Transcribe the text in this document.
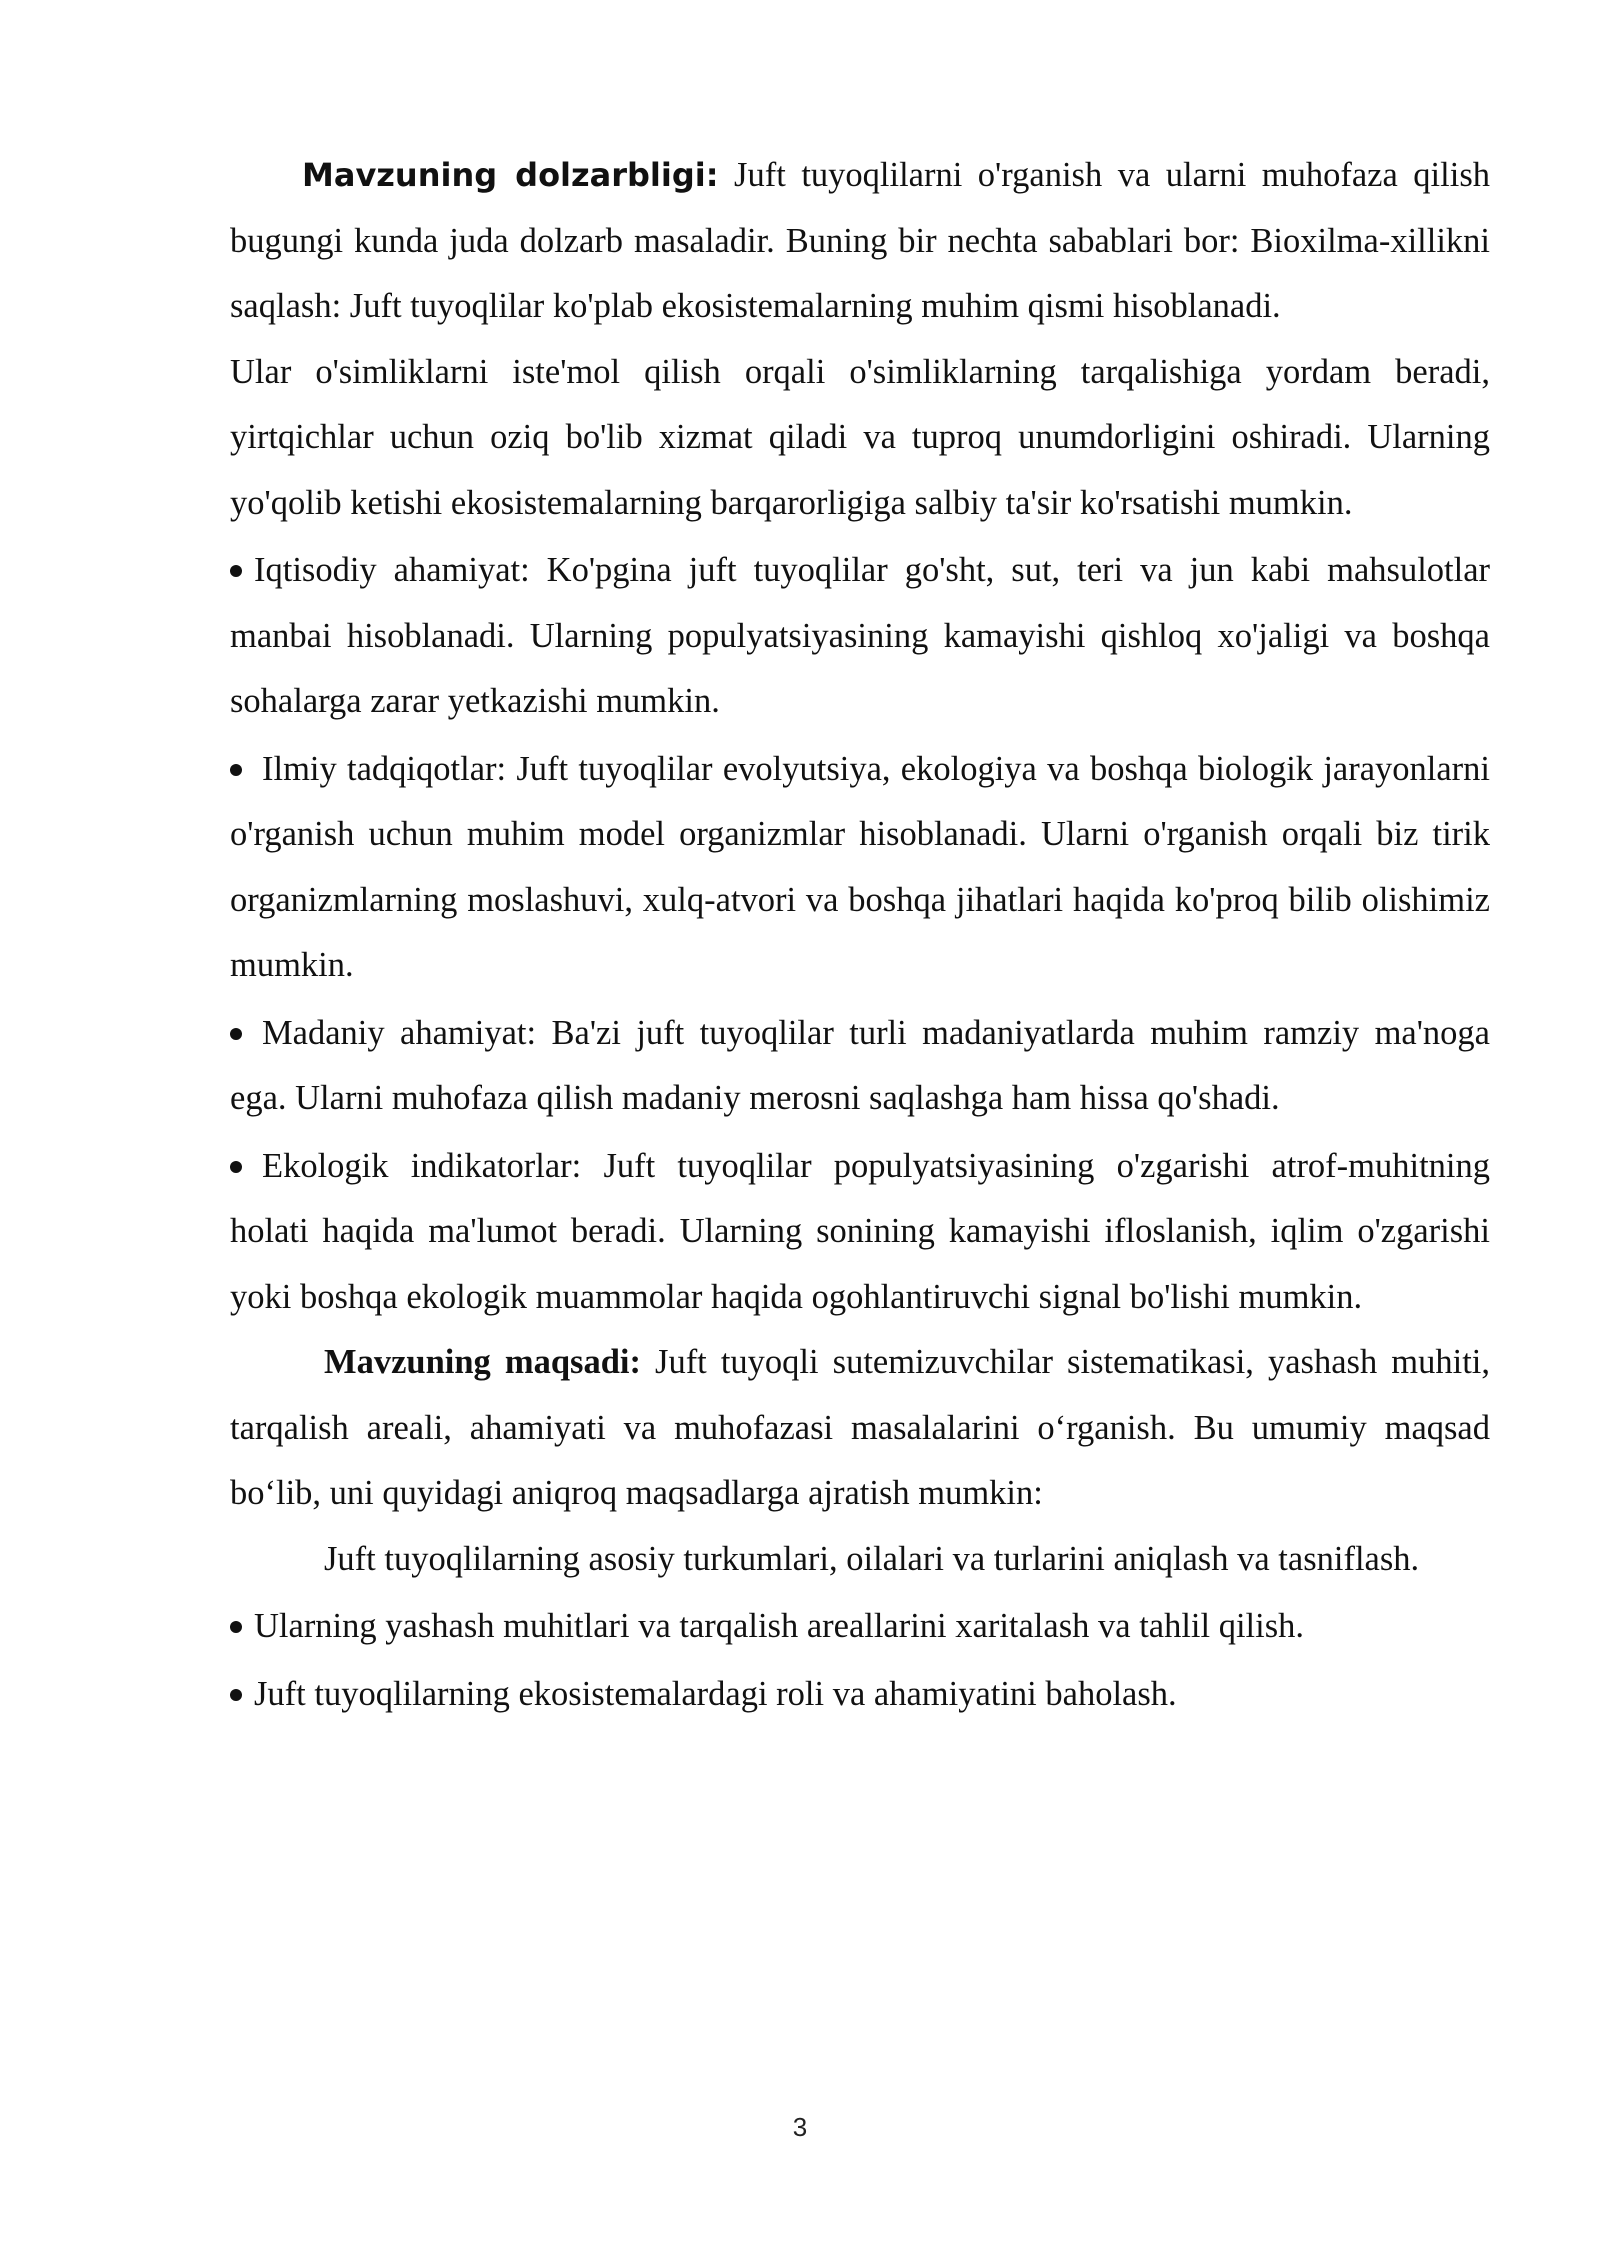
Mavzuning dolzarbligi: Juft tuyoqlilarni o'rganish va ularni muhofaza qilish bugungi kunda juda dolzarb masaladir. Buning bir nechta sabablari bor: Bioxilma-xillikni saqlash: Juft tuyoqlilar ko'plab ekosistemalarning muhim qismi hisoblanadi.

Ular o'simliklarni iste'mol qilish orqali o'simliklarning tarqalishiga yordam beradi, yirtqichlar uchun oziq bo'lib xizmat qiladi va tuproq unumdorligini oshiradi. Ularning yo'qolib ketishi ekosistemalarning barqarorligiga salbiy ta'sir ko'rsatishi mumkin.

Iqtisodiy ahamiyat: Ko'pgina juft tuyoqlilar go'sht, sut, teri va jun kabi mahsulotlar manbai hisoblanadi. Ularning populyatsiyasining kamayishi qishloq xo'jaligi va boshqa sohalarga zarar yetkazishi mumkin.

Ilmiy tadqiqotlar: Juft tuyoqlilar evolyutsiya, ekologiya va boshqa biologik jarayonlarni o'rganish uchun muhim model organizmlar hisoblanadi. Ularni o'rganish orqali biz tirik organizmlarning moslashuvi, xulq-atvori va boshqa jihatlari haqida ko'proq bilib olishimiz mumkin.

Madaniy ahamiyat: Ba'zi juft tuyoqlilar turli madaniyatlarda muhim ramziy ma'noga ega. Ularni muhofaza qilish madaniy merosni saqlashga ham hissa qo'shadi.

Ekologik indikatorlar: Juft tuyoqlilar populyatsiyasining o'zgarishi atrof-muhitning holati haqida ma'lumot beradi. Ularning sonining kamayishi ifloslanish, iqlim o'zgarishi yoki boshqa ekologik muammolar haqida ogohlantiruvchi signal bo'lishi mumkin.

Mavzuning maqsadi: Juft tuyoqli sutemizuvchilar sistematikasi, yashash muhiti, tarqalish areali, ahamiyati va muhofazasi masalalarini o‘rganish. Bu umumiy maqsad bo‘lib, uni quyidagi aniqroq maqsadlarga ajratish mumkin:

Juft tuyoqlilarning asosiy turkumlari, oilalari va turlarini aniqlash va tasniflash.

Ularning yashash muhitlari va tarqalish areallarini xaritalash va tahlil qilish.

Juft tuyoqlilarning ekosistemalardagi roli va ahamiyatini baholash.

3
